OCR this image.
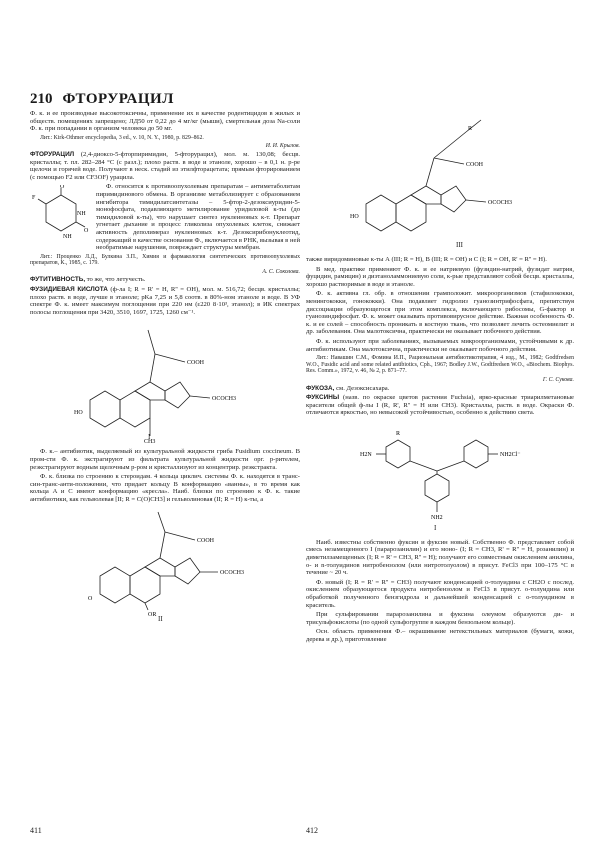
210 ФТОРУРАЦИЛ

Ф. к. и ее производные высокотоксичны, применение их в качестве родентицидов в жилых и обществ. помещениях запрещено; ЛД50 от 0,22 до 4 мг/кг (мыши), смертельная доза Na-соли Ф. к. при попадании в организм человека до 50 мг.

Лит.: Kirk-Othmer encyclopedia, 3 ed., v. 10, N. Y., 1980, p. 829–862.

И. И. Крылов.

ФТОРУРАЦИЛ (2,4-диоксо-5-фторпиримидин, 5-фторурацил), мол. м. 130,08; бесцв. кристаллы; т. пл. 282–284 °С (с разл.); плохо раств. в воде и этаноле, хорошо – в 0,1 н. р-ре щелочи и горячей воде. Получают в неск. стадий из этилфторацетата; прямым фторированием (с помощью F2 или CF3OF) урацила.

O
O
F
NH
NH

Ф. относится к противоопухолевым препаратам – антиметаболитам пиримидинового обмена. В организме метаболизирует с образованием ингибитора тимидилатсинтетазы – 5-фтор-2-дезоксиуридин-5-монофосфата, подавляющего метилирование уридиловой к-ты (до тимидиловой к-ты), что нарушает синтез нуклеиновых к-т. Препарат угнетает дыхание и процесс гликолиза опухолевых клеток, снижает активность деполимераз нуклеиновых к-т. Дезоксирибонуклеотид, содержащий в качестве основания Ф., включается в РНК, вызывая в ней необратимые нарушения, повреждает структуры мембран.

Лит.: Проценко Л.Д., Булкина З.П., Химия и фармакология синтетических противоопухолевых препаратов, К., 1985, с. 179.

А. С. Соколова.

ФУТИТИВНОСТЬ, то же, что летучесть.

ФУЗИДИЕВАЯ КИСЛОТА (ф-ла I; R = R' = H, R'' = OH), мол. м. 516,72; бесцв. кристаллы; плохо раств. в воде, лучше в этаноле; pKa 7,25 и 5,8 соотв. в 80%-ном этаноле и воде. В УФ спектре Ф. к. имеет максимум поглощения при 220 нм (ε220 8·10³, этанол); в ИК спектрах полосы поглощения при 3420, 3510, 1697, 1725, 1260 см⁻¹.

HO
COOH
OCOCH3
CH3
I

Ф. к.– антибиотик, выделяемый из культуральной жидкости гриба Fusidium coccineum. В пром-сти Ф. к. экстрагируют из фильтрата культуральной жидкости орг. р-рителем, реэкстрагируют водным щелочным р-ром и кристаллизуют из концентрир. реэкстракта.

Ф. к. близка по строению к стероидам. 4 кольца циклич. системы Ф. к. находятся в транс-син-транс-анти-положении, что придает кольцу B конформацию «ванны», в то время как кольца A и C имеют конформацию «кресла». Наиб. близки по строению к Ф. к. такие антибиотики, как гельволевая [II; R = C(O)CH3] и гельволиновая (II; R = H) к-ты, а

O
COOH
OCOCH3
OR II
HO
COOH
OCOCH3
R
III

также виридоминовые к-ты А (III; R = H), B (III; R = OH) и C (I; R = OH, R' = R'' = H).

В мед. практике применяют Ф. к. и ее натриевую (фузидин-натрий, фузидат натрия, фуцидин, рамицин) и диэтаноламмониевую соли, к-рые представляют собой бесцв. кристаллы, хорошо растворимые в воде и этаноле.

Ф. к. активна гл. обр. в отношении грамположит. микроорганизмов (стафилококки, менингококки, гонококки). Она подавляет гидролиз гуанозинтрифосфата, препятствуя диссоциации образующегося при этом комплекса, включающего рибосомы, G-фактор и гуанозиндифосфат. Ф. к. может оказывать противовирусное действие. Важная особенность Ф. к. и ее солей – способность проникать в костную ткань, что позволяет лечить остеомиелит и др. заболевания. Она малотоксична, практически не оказывает побочного действия.

Ф. к. используют при заболеваниях, вызываемых микроорганизмами, устойчивыми к др. антибиотикам. Она малотоксична, практически не оказывает побочного действия.

Лит.: Навашин С.М., Фомина И.П., Рациональная антибиотикотерапия, 4 изд., М., 1982; Godtfredsen W.O., Fusidic acid and some related antibiotics, Cph., 1967; Bodley J.W., Godtfredsen W.O., «Biochem. Biophys. Res. Comm.», 1972, v. 46, № 2, p. 871–77.

Г. С. Сукова.

ФУКОЗА, см. Дезоксисахара.

ФУКСИНЫ (назв. по окраске цветов растения Fuchsia), ярко-красные триарилметановые красители общей ф-лы I (R, R', R'' = H или CH3). Кристаллы, раств. в воде. Окраски Ф. отличаются яркостью, но невысокой устойчивостью, особенно к действию света.

H2N	NH2Cl⁻
NH2
R
I

Наиб. известны собственно фуксин и фуксин новый. Собственно Ф. представляет собой смесь незамещенного I (парарозанилин) и его моно- (I; R = CH3, R' = R'' = H, розанилин) и диметилзамещенных (I; R = R' = CH3, R'' = H); получают его совместным окислением анилина, о- и n-толуидинов нитробензолом (или нитротолуолом) в присут. FeCl3 при 100–175 °C в течение ~ 20 ч.

Ф. новый (I; R = R' = R'' = CH3) получают конденсацией о-толуидина с CH2O с послед. окислением образующегося продукта нитробензолом и FeCl3 в присут. о-толуидина или обработкой полученного бензгидрола и дальнейшей конденсацией с о-толуидином в краситель.

При сульфировании парарозанилина и фуксина олеумом образуются ди- и трисульфокислоты (по одной сульфогруппе в каждом бензольном кольце).

Осн. область применения Ф.– окрашивание нетекстильных материалов (бумаги, кожи, дерева и др.), приготовление

411	412
